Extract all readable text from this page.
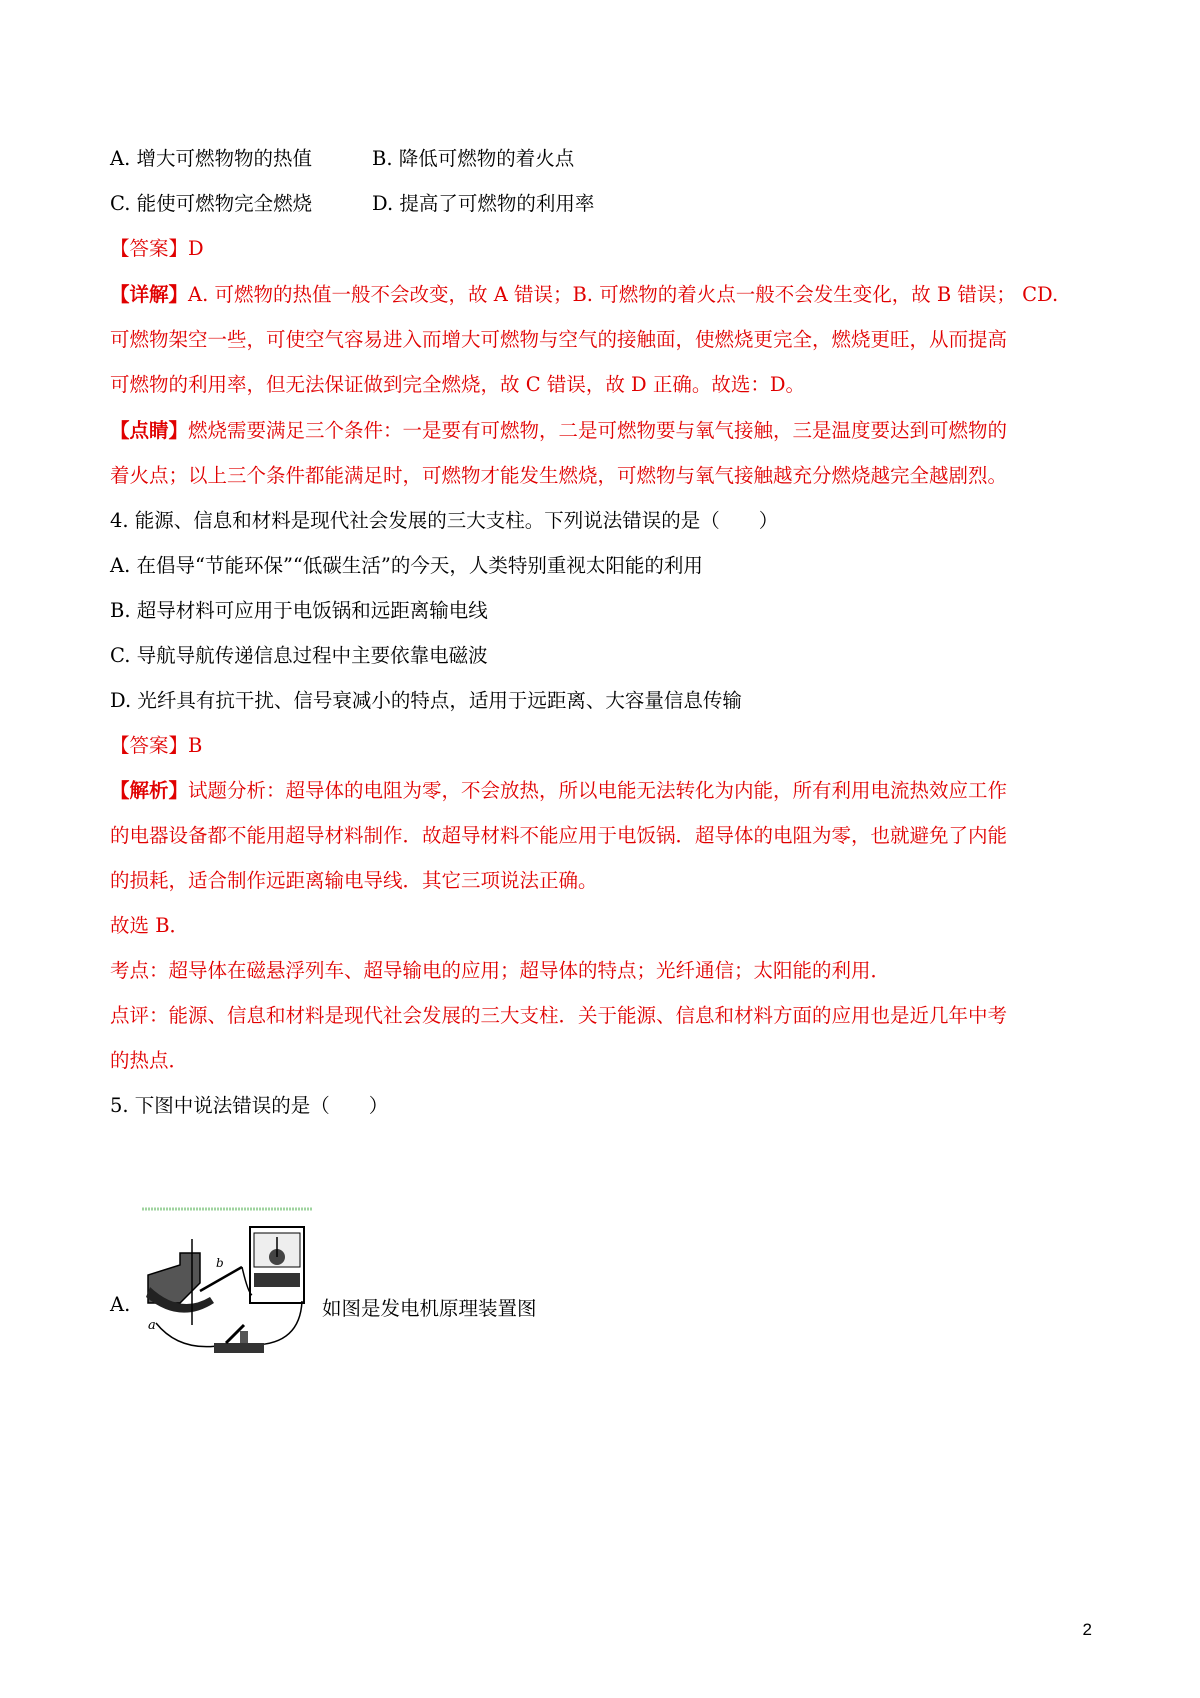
A. 增大可燃物物的热值	B. 降低可燃物的着火点
C. 能使可燃物完全燃烧	D. 提高了可燃物的利用率

【答案】D

【详解】A. 可燃物的热值一般不会改变，故 A 错误；B. 可燃物的着火点一般不会发生变化，故 B 错误； CD.

可燃物架空一些，可使空气容易进入而增大可燃物与空气的接触面，使燃烧更完全，燃烧更旺，从而提高

可燃物的利用率，但无法保证做到完全燃烧，故 C 错误，故 D 正确。故选：D。

【点睛】燃烧需要满足三个条件：一是要有可燃物，二是可燃物要与氧气接触，三是温度要达到可燃物的

着火点；以上三个条件都能满足时，可燃物才能发生燃烧，可燃物与氧气接触越充分燃烧越完全越剧烈。

4. 能源、信息和材料是现代社会发展的三大支柱。下列说法错误的是（　　）

A. 在倡导“节能环保”“低碳生活”的今天，人类特别重视太阳能的利用

B. 超导材料可应用于电饭锅和远距离输电线

C. 导航导航传递信息过程中主要依靠电磁波

D. 光纤具有抗干扰、信号衰减小的特点，适用于远距离、大容量信息传输

【答案】B

【解析】试题分析：超导体的电阻为零，不会放热，所以电能无法转化为内能，所有利用电流热效应工作

的电器设备都不能用超导材料制作．故超导材料不能应用于电饭锅．超导体的电阻为零，也就避免了内能

的损耗，适合制作远距离输电导线．其它三项说法正确。

故选 B．

考点：超导体在磁悬浮列车、超导输电的应用；超导体的特点；光纤通信；太阳能的利用．

点评：能源、信息和材料是现代社会发展的三大支柱．关于能源、信息和材料方面的应用也是近几年中考

的热点．

5. 下图中说法错误的是（　　）

A.
b
a
如图是发电机原理装置图
2
